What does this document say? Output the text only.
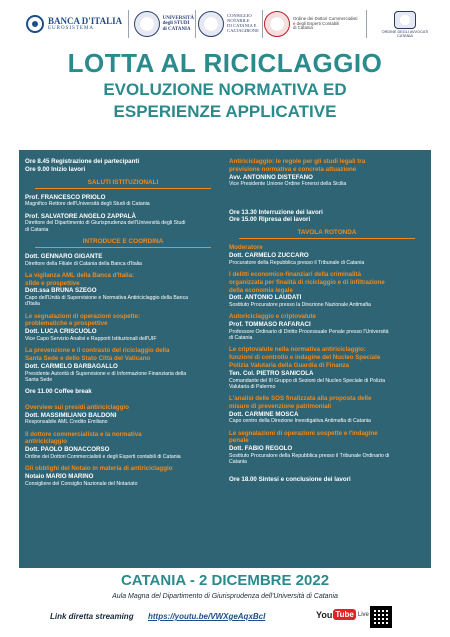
BANCA D'ITALIA
EUROSISTEMA
UNIVERSITÀ
degli STUDI
di CATANIA
CONSIGLIO
NOTARILE
DI CATANIA E
CALTAGIRONE
Ordine dei Dottori Commercialisti
e degli Esperti Contabili
di Catania
ORDINE DEGLI AVVOCATI
CATANIA
LOTTA AL RICICLAGGIO
EVOLUZIONE NORMATIVA ED
ESPERIENZE APPLICATIVE
Ore 8.45 Registrazione dei partecipanti
Ore 9.00 Inizio lavori
SALUTI ISTITUZIONALI
Prof. FRANCESCO PRIOLO
Magnifico Rettore dell'Università degli Studi di Catania
Prof. SALVATORE ANGELO ZAPPALÀ
Direttore del Dipartimento di Giurisprudenza dell'Università degli Studi
di Catania
INTRODUCE E COORDINA
Dott. GENNARO GIGANTE
Direttore della Filiale di Catania della Banca d'Italia
La vigilanza AML della Banca d'Italia:
sfide e prospettive
Dott.ssa BRUNA SZEGO
Capo dell'Unità di Supervisione e Normativa Antiriciclaggio della Banca
d'Italia
Le segnalazioni di operazioni sospette:
problematiche e prospettive
Dott. LUCA CRISCUOLO
Vice Capo Servizio Analisi e Rapporti Istituzionali dell'UIF
La prevenzione e il contrasto del riciclaggio della
Santa Sede e dello Stato Città del Vaticano
Dott. CARMELO BARBAGALLO
Presidente Autorità di Supervisione e di Informazione Finanziaria della
Santa Sede
Ore 11.00 Coffee break
Overview sui presidi antiriciclaggio
Dott. MASSIMILIANO BALDONI
Responsabile AML Credito Emiliano
Il dottore commercialista e la normativa
antiriciclaggio
Dott. PAOLO BONACCORSO
Ordine dei Dottori Commercialisti e degli Esperti contabili di Catania
Gli obblighi del Notaio in materia di antiriciclaggio
Notaio MARIO MARINO
Consigliere del Consiglio Nazionale del Notariato
Antiriciclaggio: le regole per gli studi legali tra
previsione normativa e concreta attuazione
Avv. ANTONINO DISTEFANO
Vice Presidente Unione Ordine Forensi della Sicilia
Ore 13.30 Interruzione dei lavori
Ore 15.00 Ripresa dei lavori
TAVOLA ROTONDA
Moderatore
Dott. CARMELO ZUCCARO
Procuratore della Repubblica presso il Tribunale di Catania
I delitti economico-finanziari della criminalità
organizzata per finalità di riciclaggio e di infiltrazione
della economia legale
Dott. ANTONIO LAUDATI
Sostituto Procuratore presso la Direzione Nazionale Antimafia
Autoriciclaggio e criptovalute
Prof. TOMMASO RAFARACI
Professore Ordinario di Diritto Processuale Penale presso l'Università
di Catania
Le criptovalute nella normativa antiriciclaggio:
funzioni di controllo e indagine del Nucleo Speciale
Polizia Valutaria della Guardia di Finanza
Ten. Col. PIETRO SANICOLA
Comandante del III Gruppo di Sezioni del Nucleo Speciale di Polizia
Valutaria di Palermo
L'analisi delle SOS finalizzata alla proposta delle
misure di prevenzione patrimoniali
Dott. CARMINE MOSCA
Capo centro della Direzione Investigativa Antimafia di Catania
Le segnalazioni di operazioni sospette e l'indagine
penale
Dott. FABIO REGOLO
Sostituto Procuratore della Repubblica presso il Tribunale Ordinario di
Catania
Ore 18.00 Sintesi e conclusione dei lavori
CATANIA - 2 DICEMBRE 2022
Aula Magna del Dipartimento di Giurisprudenza dell'Università di Catania
Link diretta streaming https://youtu.be/VWXgeAqxBcI	You Tube Live
